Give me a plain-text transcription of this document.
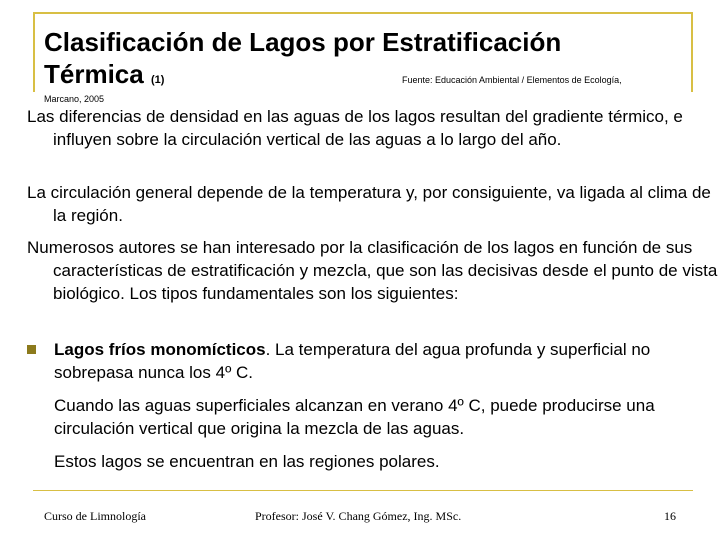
Clasificación de Lagos por Estratificación
Térmica (1)	Fuente: Educación Ambiental / Elementos de Ecología,
Marcano, 2005
Las diferencias de densidad en las aguas de los lagos resultan del gradiente térmico, e influyen sobre la circulación vertical de las aguas a lo largo del año.
La circulación general depende de la temperatura y, por consiguiente, va ligada al clima de la región.
Numerosos autores se han interesado por la clasificación de los lagos en función de sus características de estratificación y mezcla, que son las decisivas desde el punto de vista biológico. Los tipos fundamentales son los siguientes:
Lagos fríos monomícticos. La temperatura del agua profunda y superficial no sobrepasa nunca los 4º C.
Cuando las aguas superficiales alcanzan en verano 4º C, puede producirse una circulación vertical que origina la mezcla de las aguas.
Estos lagos se encuentran en las regiones polares.
Curso de Limnología	Profesor: José V. Chang Gómez, Ing. MSc.	16
